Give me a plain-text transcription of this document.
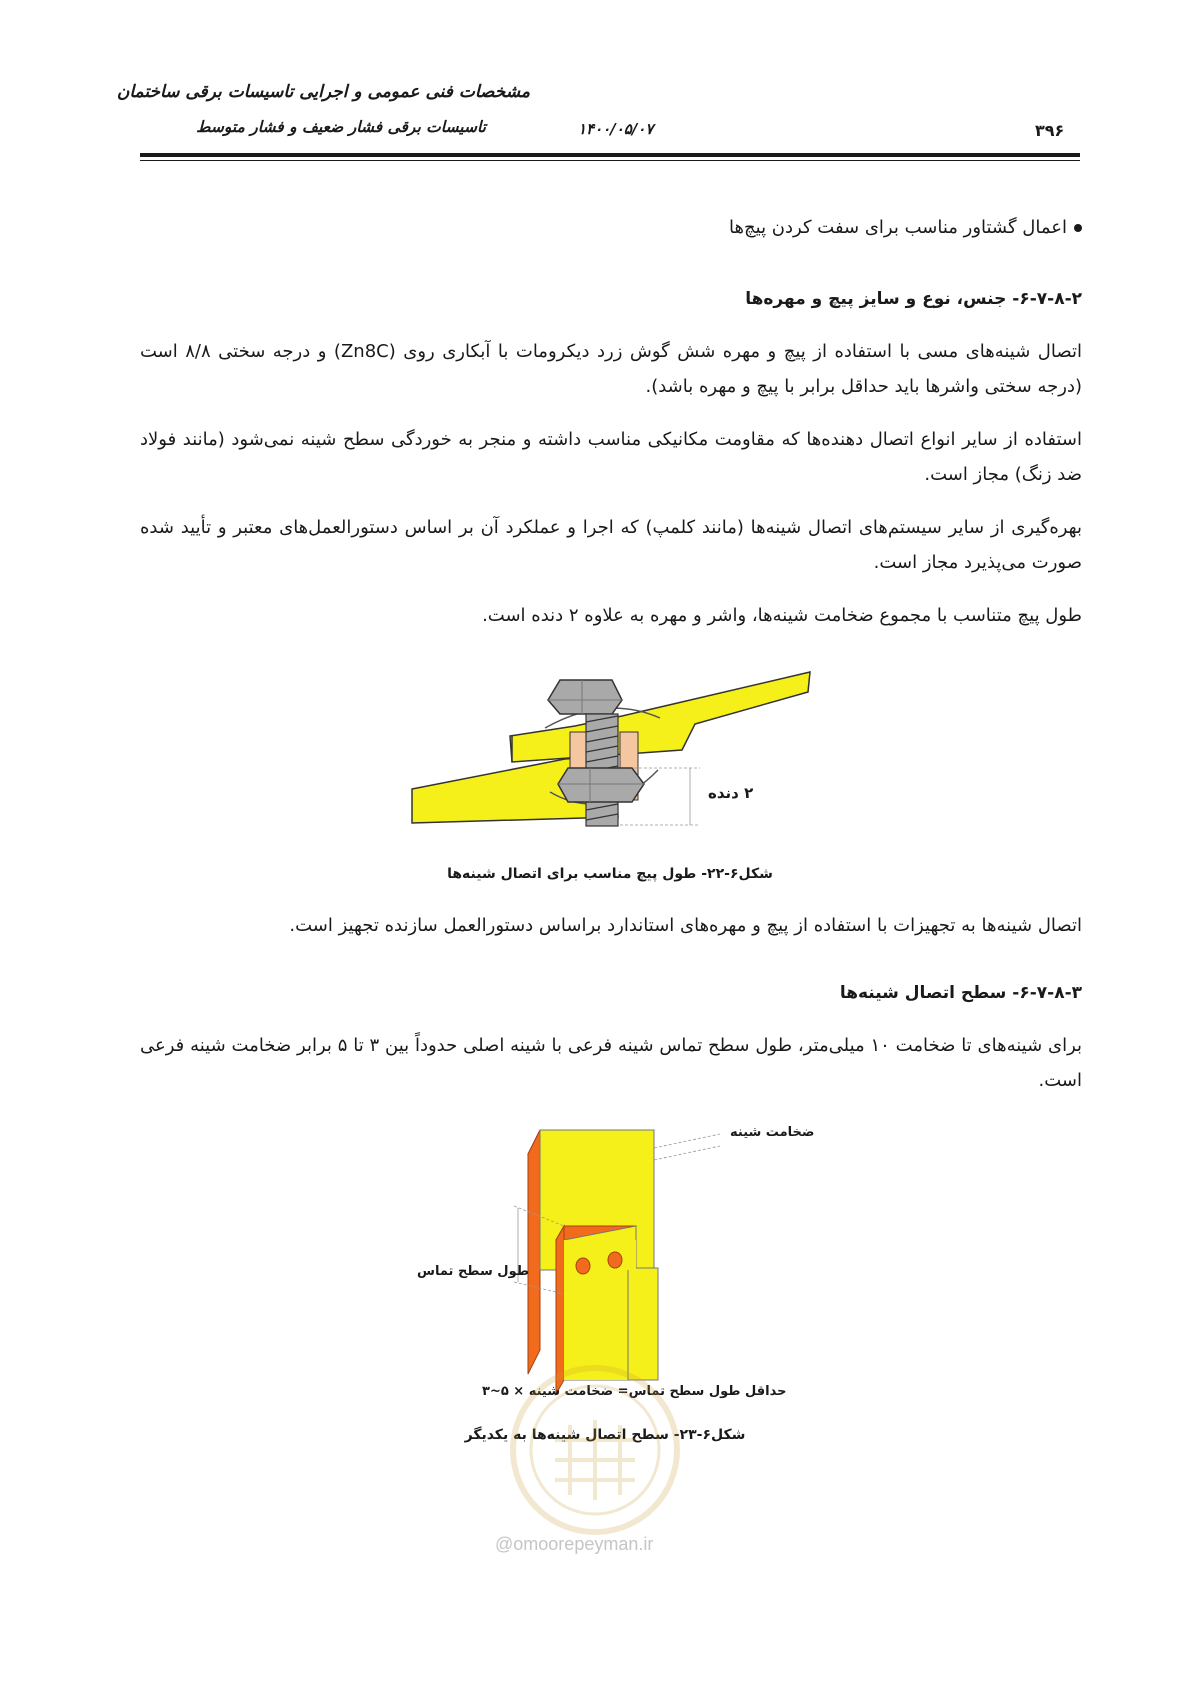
مشخصات فنی عمومی و اجرایی تاسیسات برقی ساختمان
تاسیسات برقی فشار ضعیف و فشار متوسط	۱۴۰۰/۰۵/۰۷	۳۹۶
اعمال گشتاور مناسب برای سفت کردن پیچ‌ها
۶-۷-۸-۲- جنس، نوع و سایز پیچ و مهره‌ها

اتصال شینه‌های مسی با استفاده از پیچ و مهره شش گوش زرد دیکرومات با آبکاری روی (Zn8C) و درجه سختی ۸/۸ است (درجه سختی واشرها باید حداقل برابر با پیچ و مهره باشد).

استفاده از سایر انواع اتصال دهنده‌ها که مقاومت مکانیکی مناسب داشته و منجر به خوردگی سطح شینه نمی‌شود (مانند فولاد ضد زنگ) مجاز است.

بهره‌گیری از سایر سیستم‌های اتصال شینه‌ها (مانند کلمپ) که اجرا و عملکرد آن بر اساس دستورالعمل‌های معتبر و تأیید شده صورت می‌پذیرد مجاز است.

طول پیچ متناسب با مجموع ضخامت شینه‌ها، واشر و مهره به علاوه ۲ دنده است.

۲ دنده
شکل۶-۲۲- طول پیچ مناسب برای اتصال شینه‌ها

اتصال شینه‌ها به تجهیزات با استفاده از پیچ و مهره‌های استاندارد براساس دستورالعمل سازنده تجهیز است.

۶-۷-۸-۳- سطح اتصال شینه‌ها

برای شینه‌های تا ضخامت ۱۰ میلی‌متر، طول سطح تماس شینه فرعی با شینه اصلی حدوداً بین ۳ تا ۵ برابر ضخامت شینه فرعی است.

ضخامت شینه
طول سطح تماس
حداقل طول سطح تماس= ضخامت شینه × ۵~۳
شکل۶-۲۳- سطح اتصال شینه‌ها به یکدیگر
@omoorepeyman.ir
